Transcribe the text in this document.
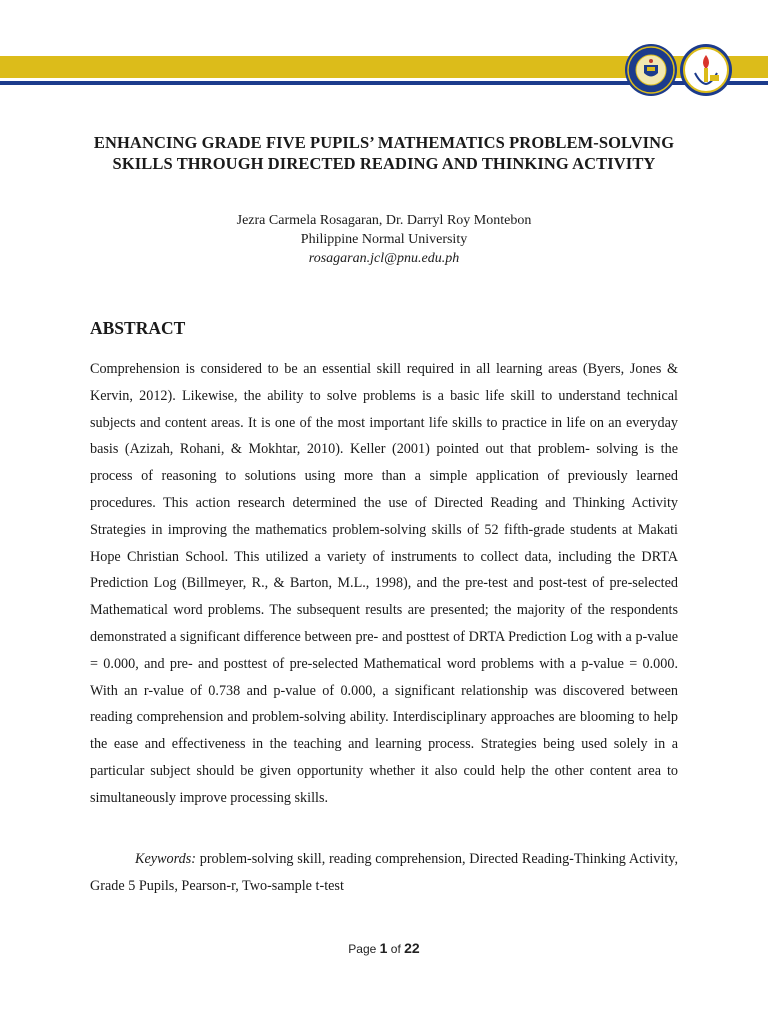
ENHANCING GRADE FIVE PUPILS’ MATHEMATICS PROBLEM-SOLVING SKILLS THROUGH DIRECTED READING AND THINKING ACTIVITY
Jezra Carmela Rosagaran, Dr. Darryl Roy Montebon
Philippine Normal University
rosagaran.jcl@pnu.edu.ph
ABSTRACT

Comprehension is considered to be an essential skill required in all learning areas (Byers, Jones & Kervin, 2012). Likewise, the ability to solve problems is a basic life skill to understand technical subjects and content areas. It is one of the most important life skills to practice in life on an everyday basis (Azizah, Rohani, & Mokhtar, 2010). Keller (2001) pointed out that problem- solving is the process of reasoning to solutions using more than a simple application of previously learned procedures. This action research determined the use of Directed Reading and Thinking Activity Strategies in improving the mathematics problem-solving skills of 52 fifth-grade students at Makati Hope Christian School. This utilized a variety of instruments to collect data, including the DRTA Prediction Log (Billmeyer, R., & Barton, M.L., 1998), and the pre-test and post-test of pre-selected Mathematical word problems. The subsequent results are presented; the majority of the respondents demonstrated a significant difference between pre- and posttest of DRTA Prediction Log with a p-value = 0.000, and pre- and posttest of pre-selected Mathematical word problems with a p-value = 0.000. With an r-value of 0.738 and p-value of 0.000, a significant relationship was discovered between reading comprehension and problem-solving ability. Interdisciplinary approaches are blooming to help the ease and effectiveness in the teaching and learning process. Strategies being used solely in a particular subject should be given opportunity whether it also could help the other content area to simultaneously improve processing skills.

Keywords: problem-solving skill, reading comprehension, Directed Reading-Thinking Activity, Grade 5 Pupils, Pearson-r, Two-sample t-test

Page 1 of 22
